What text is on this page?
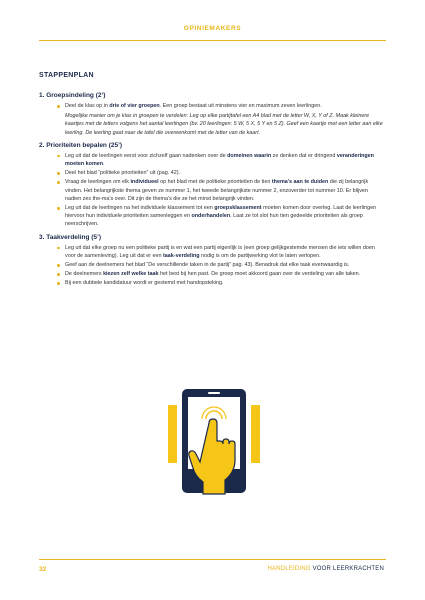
OPINIEMAKERS
STAPPENPLAN
1. Groepsindeling (2’)
Deel de klas op in drie of vier groepen. Een groep bestaat uit minstens vier en maximum zeven leerlingen.

Mogelijke manier om je klas in groepen te verdelen: Leg op elke partijtafel een A4 blad met de letter W, X, Y of Z. Maak kleinere kaartjes met de letters volgens het aantal leerlingen (bv. 20 leerlingen: 5 W, 5 X, 5 Y en 5 Z). Geef een kaartje met een letter aan elke leerling. De leerling gaat naar de tafel die overeenkomt met de letter van de kaart.

2. Prioriteiten bepalen (25’)
Leg uit dat de leerlingen eerst voor zichzelf gaan nadenken over de domeinen waarin ze denken dat er dringend veranderingen moeten komen.
Deel het blad “politieke prioriteiten” uit (pag. 42).
Vraag de leerlingen om elk individueel op het blad met de politieke prioriteiten de tien thema’s aan te duiden die zij belangrijk vinden. Het belangrijkste thema geven ze nummer 1, het tweede belangrijkste nummer 2, enzoverder tot nummer 10. Er blijven nadien zes the-ma’s over. Dit zijn de thema’s die ze het minst belangrijk vinden.
Leg uit dat de leerlingen na het individuele klassement tot een groepsklassement moeten komen door overleg. Laat de leerlingen hiervoor hun individuele prioriteiten samenleggen en onderhandelen. Laat ze tot slot hun tien gedeelde prioriteiten als groep neerschrijven.
3. Taakverdeling (5’)
Leg uit dat elke groep nu een politieke partij is en wat een partij eigenlijk is (een groep gelijkgestemde mensen die iets willen doen voor de samenleving). Leg uit dat er een taak-verdeling nodig is om de partijwerking vlot te laten verlopen.
Geef aan de deelnemers het blad “De verschillende taken in de partij” pag. 43). Benadruk dat elke taak evenwaardig is.
De deelnemers kiezen zelf welke taak het best bij hen past. De groep moet akkoord gaan over de verdeling van alle taken.
Bij een dubbele kandidatuur wordt er gestemd met handopsteking.
32	HANDLEIDING VOOR LEERKRACHTEN
